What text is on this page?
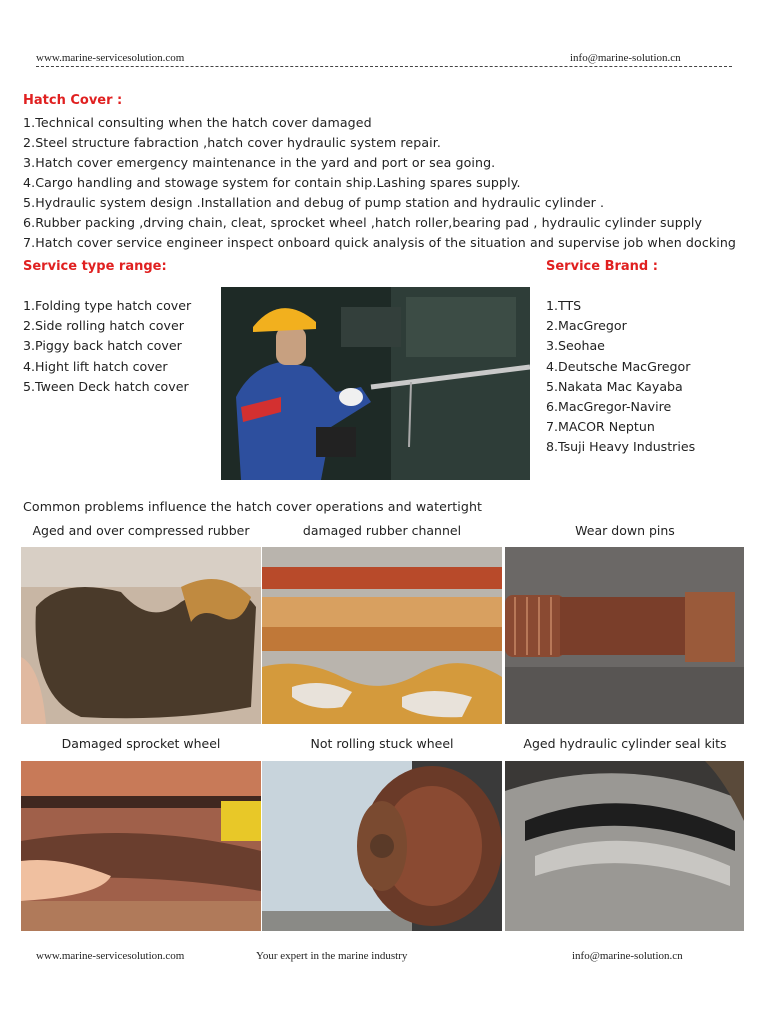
www.marine-servicesolution.com	info@marine-solution.cn
Hatch Cover :
1.Technical consulting when the hatch cover damaged
2.Steel structure fabraction ,hatch cover hydraulic system repair.
3.Hatch cover emergency maintenance in the yard and port or sea going.
4.Cargo handling and stowage system for contain ship.Lashing spares supply.
5.Hydraulic system design .Installation and debug of pump station and hydraulic cylinder .
6.Rubber packing ,drving chain, cleat, sprocket wheel ,hatch roller,bearing pad , hydraulic cylinder supply
7.Hatch cover service engineer inspect onboard quick analysis of the situation and supervise job when docking
Service type range:
1.Folding type hatch cover
2.Side rolling hatch cover
3.Piggy back hatch cover
4.Hight lift hatch cover
5.Tween Deck hatch cover
Service Brand :
1.TTS
2.MacGregor
3.Seohae
4.Deutsche MacGregor
5.Nakata Mac Kayaba
6.MacGregor-Navire
7.MACOR Neptun
8.Tsuji Heavy Industries
Common problems influence the hatch cover operations and watertight
Aged and over compressed rubber	damaged rubber channel	Wear down pins
Damaged sprocket wheel	Not rolling stuck wheel	Aged hydraulic cylinder seal kits
www.marine-servicesolution.com	Your expert in the marine industry	info@marine-solution.cn
